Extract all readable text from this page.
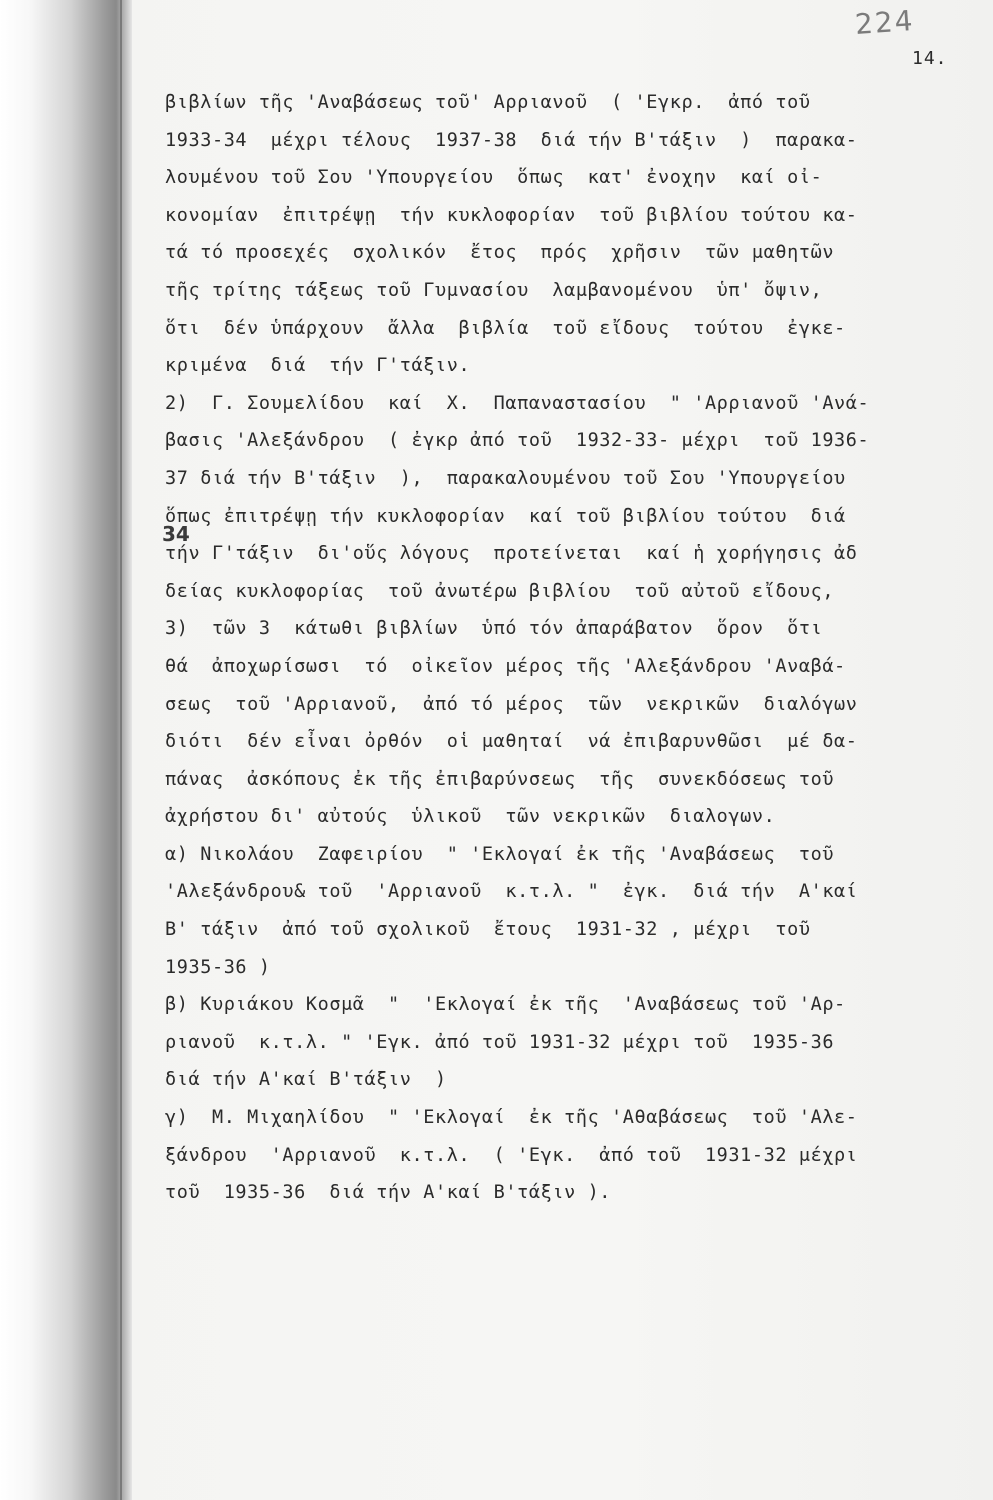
224
14.
βιβλίων τῆς 'Αναβάσεως τοῦ' Αρριανοῦ  ( 'Εγκρ.  ἀπό τοῦ
1933-34  μέχρι τέλους  1937-38  διά τήν Β'τάξιν  )  παρακα-
λουμένου τοῦ Σου 'Υπουργείου  ὅπως  κατ' ἐνοχην  καί οἰ-
κονομίαν  ἐπιτρέψῃ  τήν κυκλοφορίαν  τοῦ βιβλίου τούτου κα-
τά τό προσεχές  σχολικόν  ἔτος  πρός  χρῆσιν  τῶν μαθητῶν
τῆς τρίτης τάξεως τοῦ Γυμνασίου  λαμβανομένου  ὑπ' ὄψιν,
ὅτι  δέν ὑπάρχουν  ἄλλα  βιβλία  τοῦ εἴδους  τούτου  ἐγκε-
κριμένα  διά  τήν Γ'τάξιν.
2)  Γ. Σουμελίδου  καί  Χ.  Παπαναστασίου  " 'Αρριανοῦ 'Ανά-
βασις 'Αλεξάνδρου  ( ἐγκρ ἀπό τοῦ  1932-33- μέχρι  τοῦ 1936-
37 διά τήν Β'τάξιν  ),  παρακαλουμένου τοῦ Σου 'Υπουργείου
ὅπως ἐπιτρέψῃ τήν κυκλοφορίαν  καί τοῦ βιβλίου τούτου  διά
τήν Γ'τάξιν  δι'οὕς λόγους  προτείνεται  καί ἡ χορήγησις ἀδ
δείας κυκλοφορίας  τοῦ ἀνωτέρω βιβλίου  τοῦ αὐτοῦ εἴδους,
3)  τῶν 3  κάτωθι βιβλίων  ὑπό τόν ἀπαράβατον  ὅρον  ὅτι
θά  ἀποχωρίσωσι  τό  οἰκεῖον μέρος τῆς 'Αλεξάνδρου 'Αναβά-
σεως  τοῦ 'Αρριανοῦ,  ἀπό τό μέρος  τῶν  νεκρικῶν  διαλόγων
διότι  δέν εἶναι ὀρθόν  οἱ μαθηταί  νά ἐπιβαρυνθῶσι  μέ δα-
πάνας  ἀσκόπους ἐκ τῆς ἐπιβαρύνσεως  τῆς  συνεκδόσεως τοῦ
ἀχρήστου δι' αὐτούς  ὑλικοῦ  τῶν νεκρικῶν  διαλογων.
α) Νικολάου  Ζαφειρίου  " 'Εκλογαί ἐκ τῆς 'Αναβάσεως  τοῦ
'Αλεξάνδρου& τοῦ  'Αρριανοῦ  κ.τ.λ. "  ἐγκ.  διά τήν  Α'καί
Β' τάξιν  ἀπό τοῦ σχολικοῦ  ἔτους  1931-32 , μέχρι  τοῦ
1935-36 )
β) Κυριάκου Κοσμᾶ  "  'Εκλογαί ἐκ τῆς  'Αναβάσεως τοῦ 'Αρ-
ριανοῦ  κ.τ.λ. " 'Εγκ. ἀπό τοῦ 1931-32 μέχρι τοῦ  1935-36
διά τήν Α'καί Β'τάξιν  )
γ)  Μ. Μιχαηλίδου  " 'Εκλογαί  ἐκ τῆς 'Αθαβάσεως  τοῦ 'Αλε-
ξάνδρου  'Αρριανοῦ  κ.τ.λ.  ( 'Εγκ.  ἀπό τοῦ  1931-32 μέχρι
τοῦ  1935-36  διά τήν Α'καί Β'τάξιν ).
34
